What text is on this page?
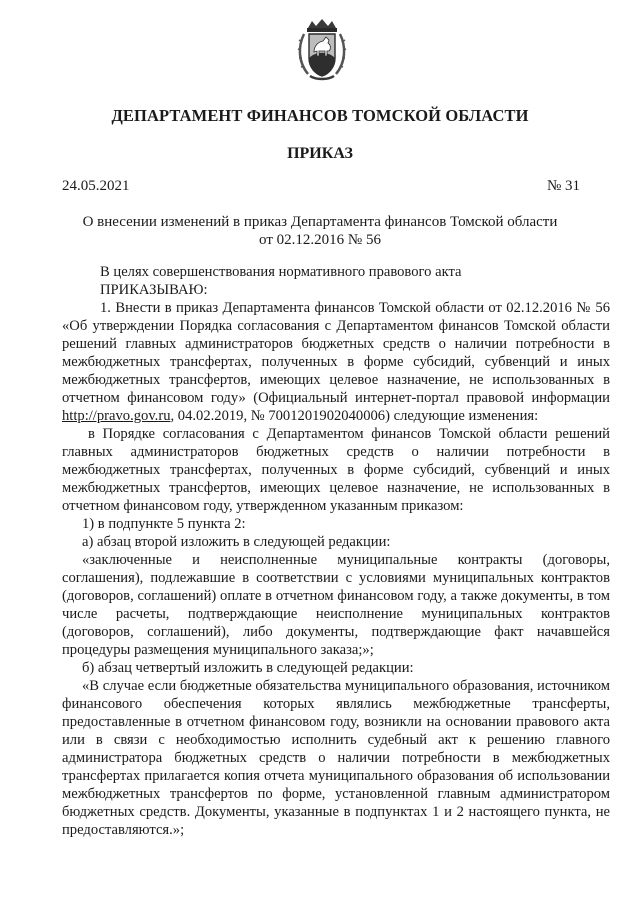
ДЕПАРТАМЕНТ ФИНАНСОВ ТОМСКОЙ ОБЛАСТИ
ПРИКАЗ
24.05.2021	№ 31
О внесении изменений в приказ Департамента финансов Томской области
от 02.12.2016 № 56

В целях совершенствования нормативного правового акта

ПРИКАЗЫВАЮ:

1. Внести в приказ Департамента финансов Томской области от 02.12.2016 № 56 «Об утверждении Порядка согласования с Департаментом финансов Томской области решений главных администраторов бюджетных средств о наличии потребности в межбюджетных трансфертах, полученных в форме субсидий, субвенций и иных межбюджетных трансфертов, имеющих целевое назначение, не использованных в отчетном финансовом году» (Официальный интернет-портал правовой информации http://pravo.gov.ru, 04.02.2019, № 7001201902040006) следующие изменения:

в Порядке согласования с Департаментом финансов Томской области решений главных администраторов бюджетных средств о наличии потребности в межбюджетных трансфертах, полученных в форме субсидий, субвенций и иных межбюджетных трансфертов, имеющих целевое назначение, не использованных в отчетном финансовом году, утвержденном указанным приказом:

1) в подпункте 5 пункта 2:

а) абзац второй изложить в следующей редакции:

«заключенные и неисполненные муниципальные контракты (договоры, соглашения), подлежавшие в соответствии с условиями муниципальных контрактов (договоров, соглашений) оплате в отчетном финансовом году, а также документы, в том числе расчеты, подтверждающие неисполнение муниципальных контрактов (договоров, соглашений), либо документы, подтверждающие факт начавшейся процедуры размещения муниципального заказа;»;

б) абзац четвертый изложить в следующей редакции:

«В случае если бюджетные обязательства муниципального образования, источником финансового обеспечения которых являлись межбюджетные трансферты, предоставленные в отчетном финансовом году, возникли на основании правового акта или в связи с необходимостью исполнить судебный акт к решению главного администратора бюджетных средств о наличии потребности в межбюджетных трансфертах прилагается копия отчета муниципального образования об использовании межбюджетных трансфертов по форме, установленной главным администратором бюджетных средств. Документы, указанные в подпунктах 1 и 2 настоящего пункта, не предоставляются.»;
